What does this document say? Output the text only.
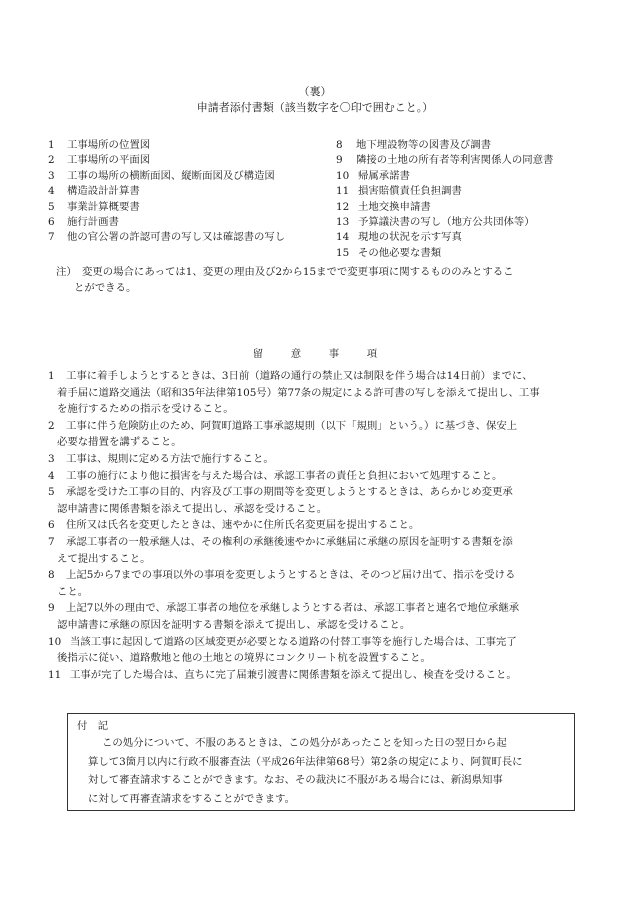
（裏）
申請者添付書類（該当数字を〇印で囲むこと。）
1	工事場所の位置図
2	工事場所の平面図
3	工事の場所の横断面図、縦断面図及び構造図
4	構造設計計算書
5	事業計算概要書
6	施行計画書
7	他の官公署の許認可書の写し又は確認書の写し
8	地下埋設物等の図書及び調書
9	隣接の土地の所有者等利害関係人の同意書
10 帰属承諾書
11 損害賠償責任負担調書
12 土地交換申請書
13 予算議決書の写し（地方公共団体等）
14 現地の状況を示す写真
15 その他必要な書類
注）　変更の場合にあっては1、変更の理由及び2から15までで変更事項に関するもののみとするこ
とができる。
留	意	事	項
1 工事に着手しようとするときは、3日前（道路の通行の禁止又は制限を伴う場合は14日前）までに、
着手届に道路交通法（昭和35年法律第105号）第77条の規定による許可書の写しを添えて提出し、工事
を施行するための指示を受けること。
2 工事に伴う危険防止のため、阿賀町道路工事承認規則（以下「規則」という。）に基づき、保安上
必要な措置を講ずること。
3 工事は、規則に定める方法で施行すること。
4 工事の施行により他に損害を与えた場合は、承認工事者の責任と負担において処理すること。
5 承認を受けた工事の目的、内容及び工事の期間等を変更しようとするときは、あらかじめ変更承
認申請書に関係書類を添えて提出し、承認を受けること。
6 住所又は氏名を変更したときは、速やかに住所氏名変更届を提出すること。
7 承認工事者の一般承継人は、その権利の承継後速やかに承継届に承継の原因を証明する書類を添
えて提出すること。
8 上記5から7までの事項以外の事項を変更しようとするときは、そのつど届け出て、指示を受ける
こと。
9 上記7以外の理由で、承認工事者の地位を承継しようとする者は、承認工事者と連名で地位承継承
認申請書に承継の原因を証明する書類を添えて提出し、承認を受けること。
10 当該工事に起因して道路の区域変更が必要となる道路の付替工事等を施行した場合は、工事完了
後指示に従い、道路敷地と他の土地との境界にコンクリート杭を設置すること。
11 工事が完了した場合は、直ちに完了届兼引渡書に関係書類を添えて提出し、検査を受けること。
付　記
この処分について、不服のあるときは、この処分があったことを知った日の翌日から起
算して3箇月以内に行政不服審査法（平成26年法律第68号）第2条の規定により、阿賀町長に
対して審査請求することができます。なお、その裁決に不服がある場合には、新潟県知事
に対して再審査請求をすることができます。
